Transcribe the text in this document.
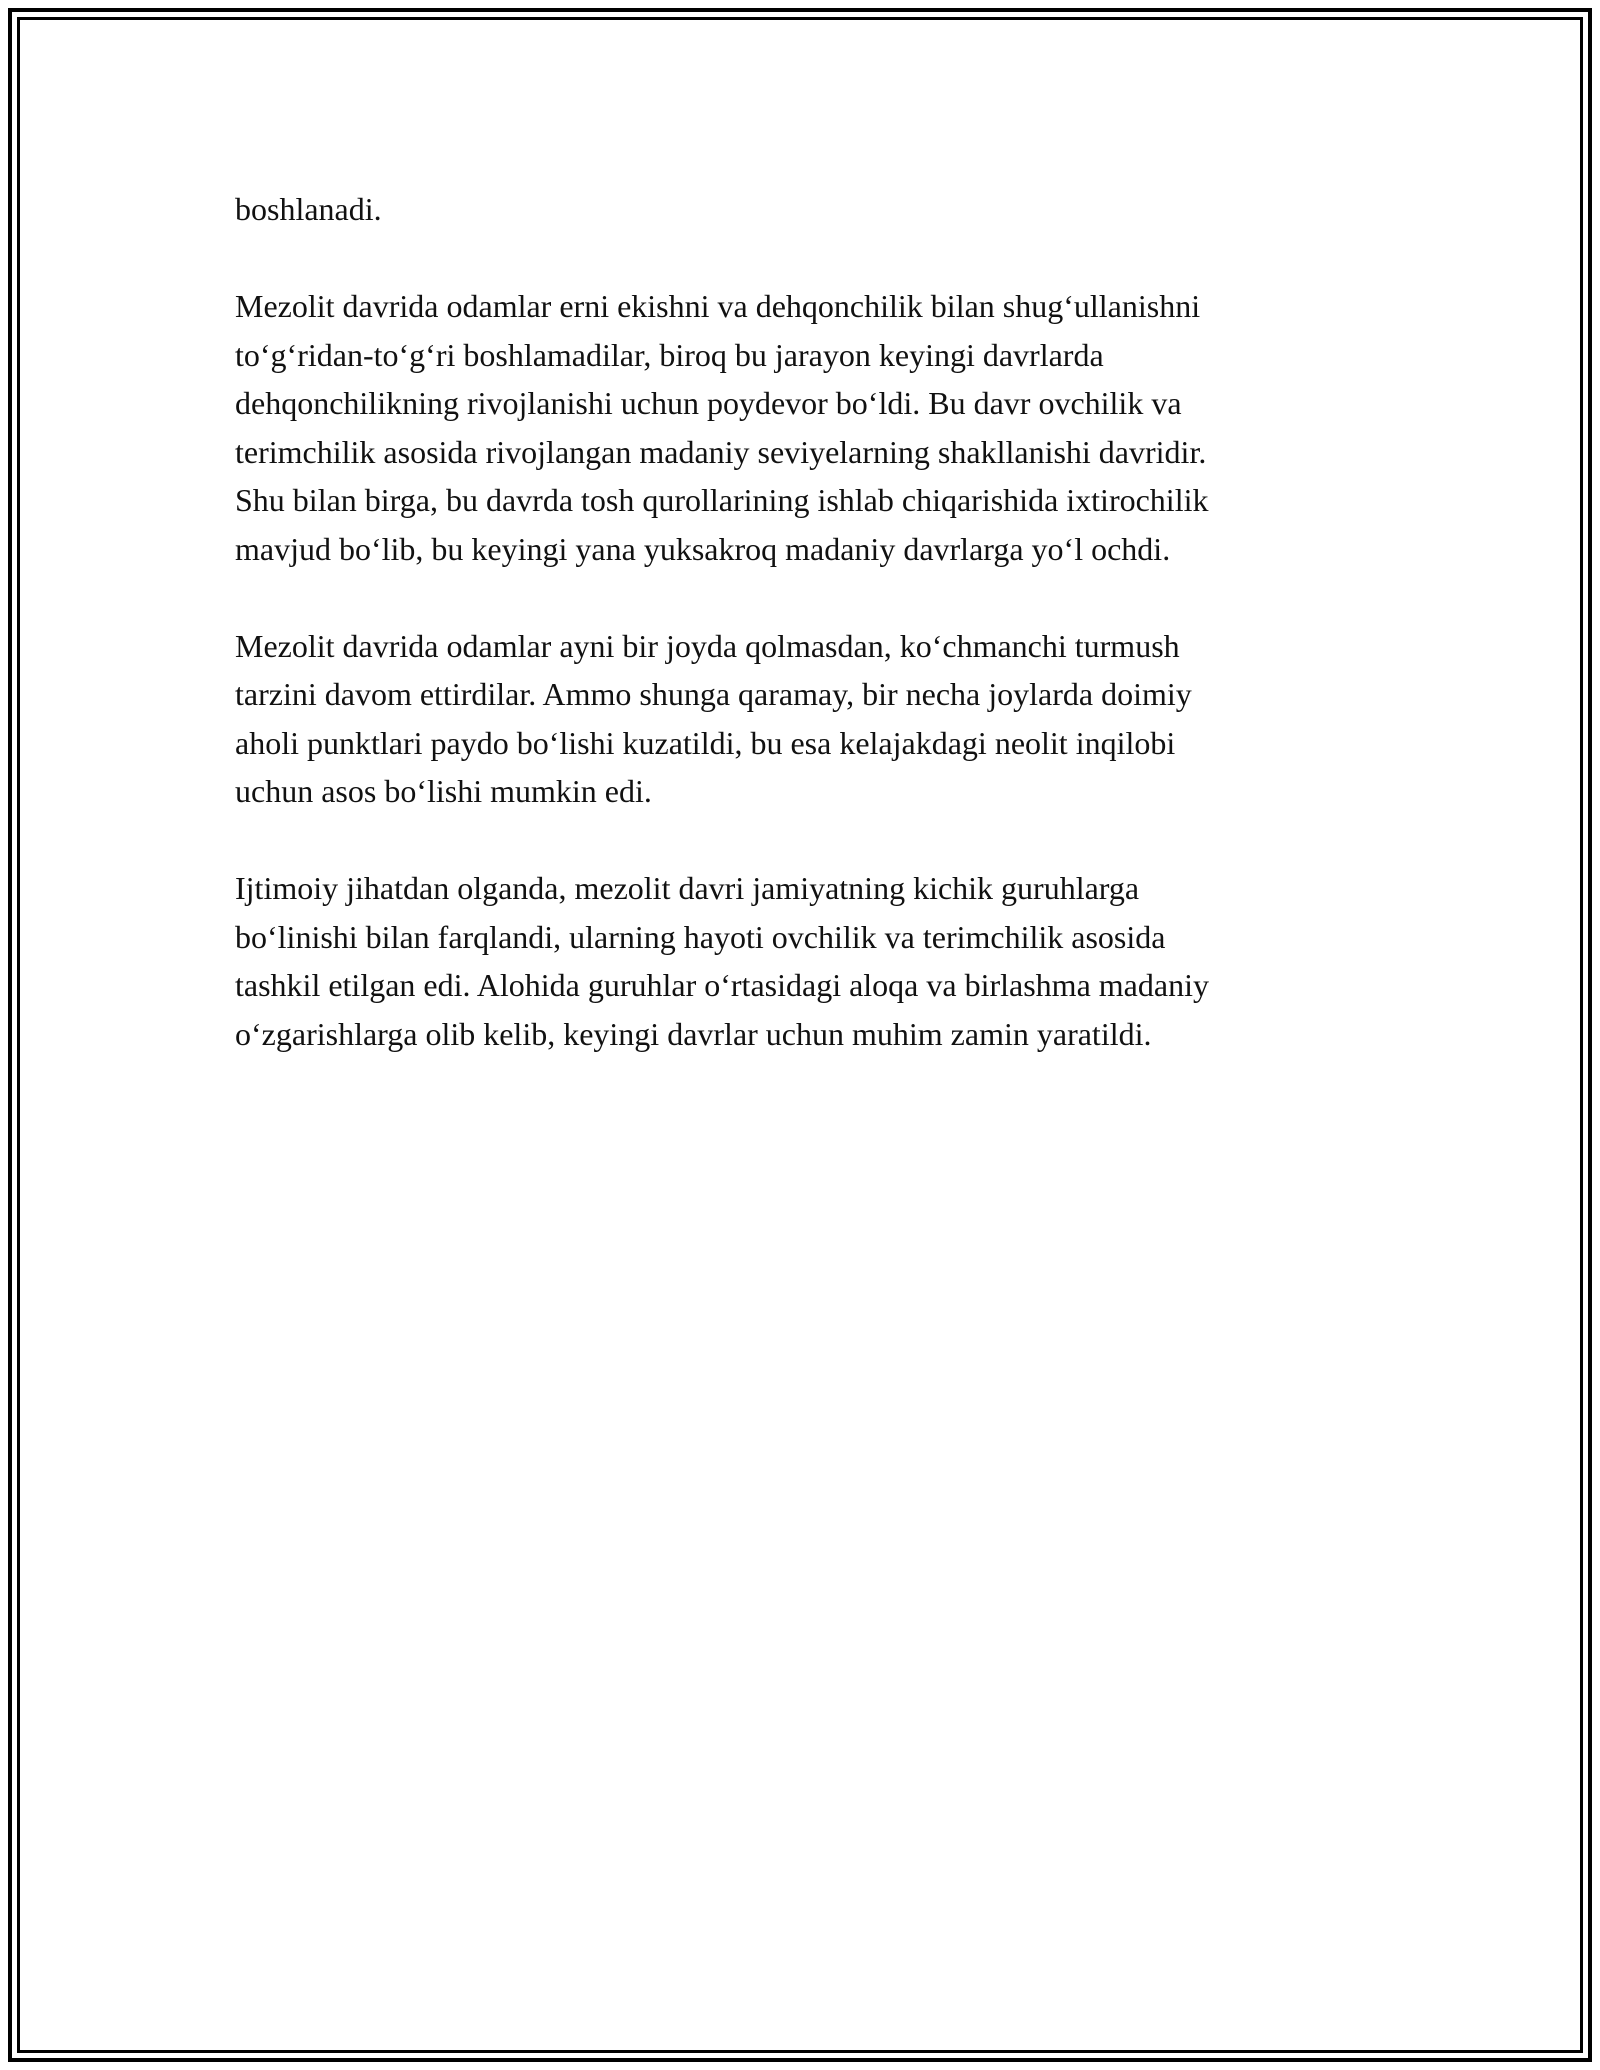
boshlanadi.

Mezolit davrida odamlar erni ekishni va dehqonchilik bilan shugʻullanishni
toʻgʻridan-toʻgʻri boshlamadilar, biroq bu jarayon keyingi davrlarda
dehqonchilikning rivojlanishi uchun poydevor boʻldi. Bu davr ovchilik va
terimchilik asosida rivojlangan madaniy seviyelarning shakllanishi davridir.
Shu bilan birga, bu davrda tosh qurollarining ishlab chiqarishida ixtirochilik
mavjud boʻlib, bu keyingi yana yuksakroq madaniy davrlarga yoʻl ochdi.

Mezolit davrida odamlar ayni bir joyda qolmasdan, koʻchmanchi turmush
tarzini davom ettirdilar. Ammo shunga qaramay, bir necha joylarda doimiy
aholi punktlari paydo boʻlishi kuzatildi, bu esa kelajakdagi neolit inqilobi
uchun asos boʻlishi mumkin edi.

Ijtimoiy jihatdan olganda, mezolit davri jamiyatning kichik guruhlarga
boʻlinishi bilan farqlandi, ularning hayoti ovchilik va terimchilik asosida
tashkil etilgan edi. Alohida guruhlar oʻrtasidagi aloqa va birlashma madaniy
oʻzgarishlarga olib kelib, keyingi davrlar uchun muhim zamin yaratildi.
